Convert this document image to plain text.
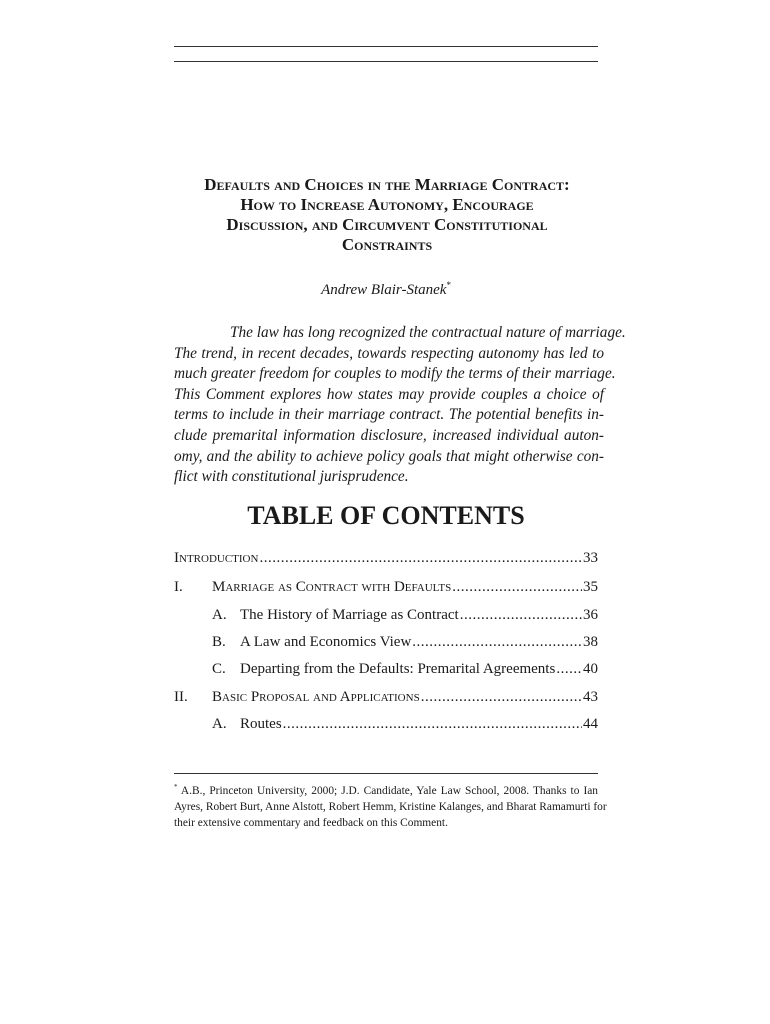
Defaults and Choices in the Marriage Contract:
How to Increase Autonomy, Encourage
Discussion, and Circumvent Constitutional
Constraints
Andrew Blair-Stanek*
The law has long recognized the contractual nature of marriage.
The trend, in recent decades, towards respecting autonomy has led to
much greater freedom for couples to modify the terms of their marriage.
This Comment explores how states may provide couples a choice of
terms to include in their marriage contract. The potential benefits in-
clude premarital information disclosure, increased individual auton-
omy, and the ability to achieve policy goals that might otherwise con-
flict with constitutional jurisprudence.
TABLE OF CONTENTS
Introduction .....	33
I.	Marriage as Contract with Defaults .....	35
A. The History of Marriage as Contract .....	36
B. A Law and Economics View .....	38
C. Departing from the Defaults: Premarital Agreements ..... 40
II.	Basic Proposal and Applications .....	43
A. Routes .....	44
* A.B., Princeton University, 2000; J.D. Candidate, Yale Law School, 2008. Thanks to Ian
Ayres, Robert Burt, Anne Alstott, Robert Hemm, Kristine Kalanges, and Bharat Ramamurti for
their extensive commentary and feedback on this Comment.
